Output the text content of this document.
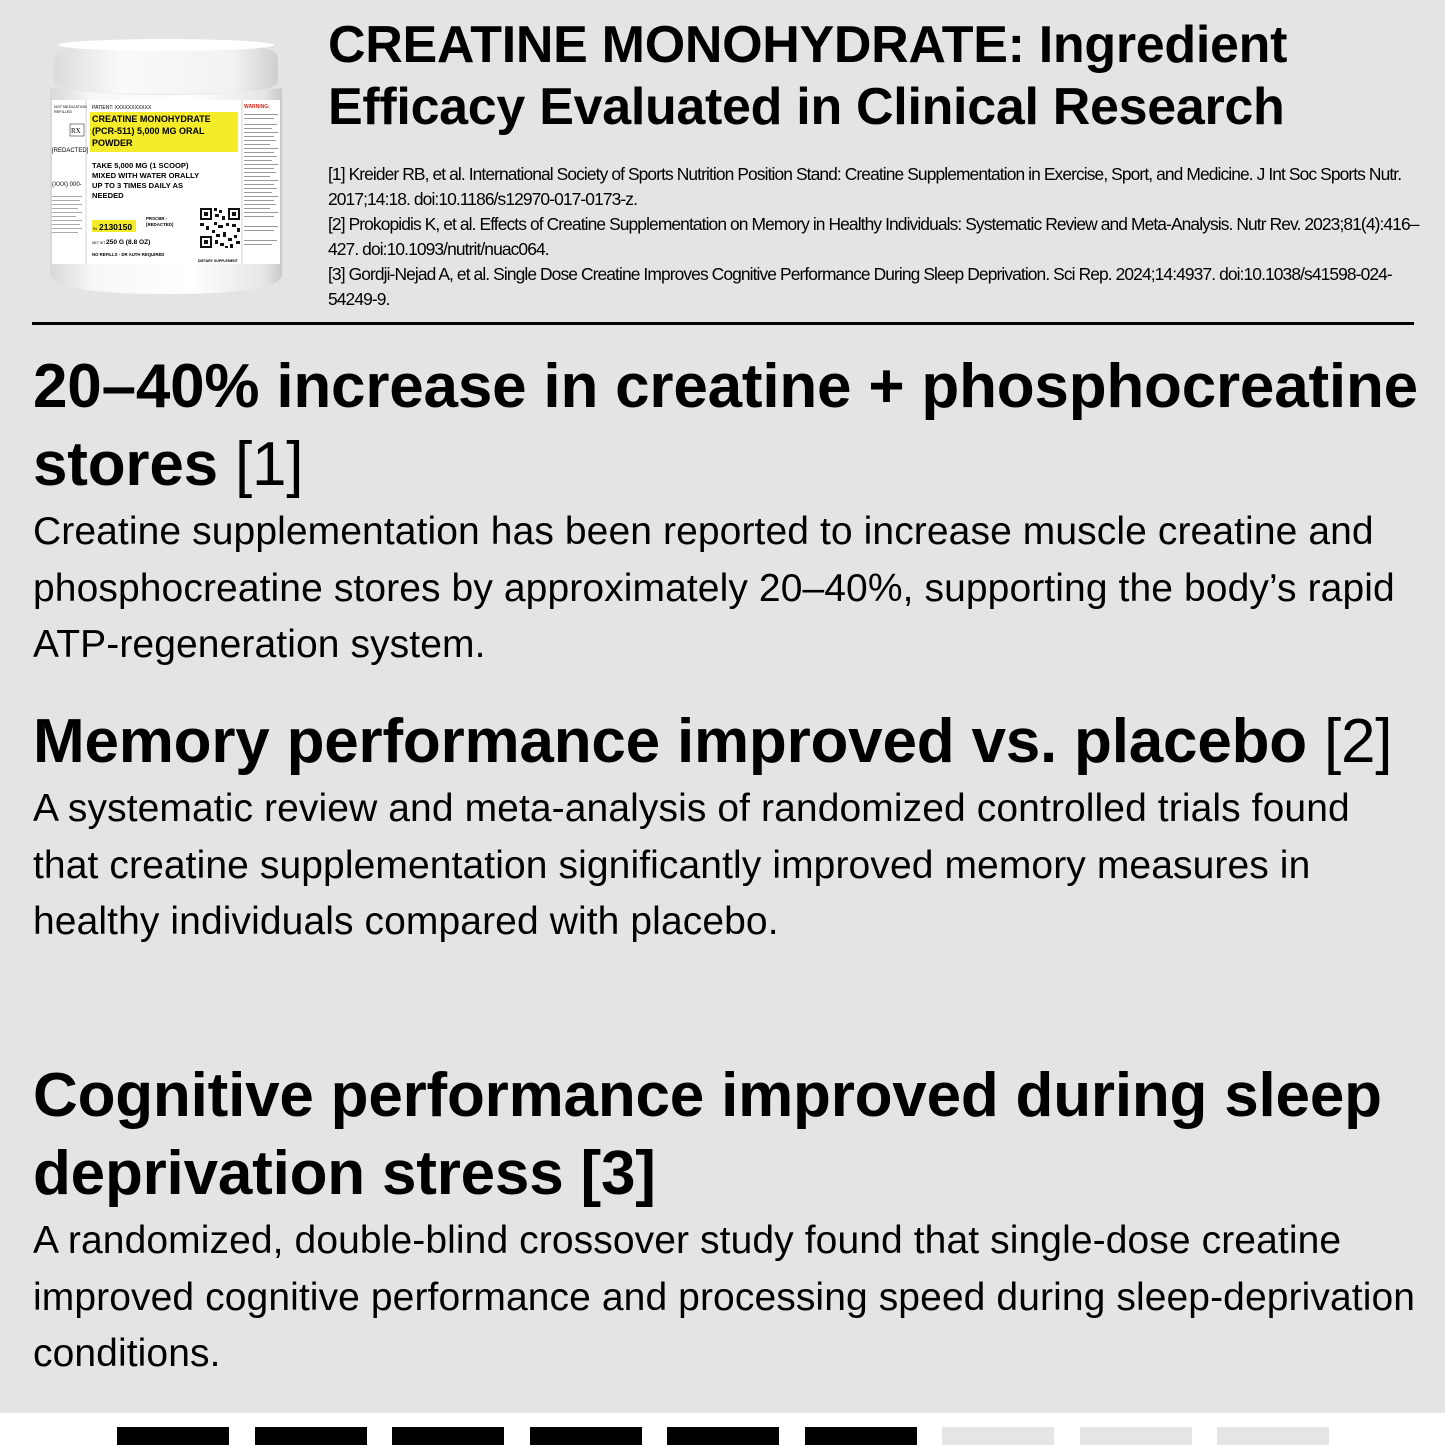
NOT MEDICATION
REFILLED
RX
[REDACTED]
(XXX) 000-
PATIENT: XXXXXXXXXXX
CREATINE MONOHYDRATE (PCR-511) 5,000 MG ORAL POWDER
TAKE 5,000 MG (1 SCOOP) MIXED WITH WATER ORALLY UP TO 3 TIMES DAILY AS NEEDED
Rx 2130150
PRSCBR - [REDACTED]
NET WT 250 G (8.8 OZ)
NO REFILLS - DR AUTH REQUIRED
DIETARY SUPPLEMENT
WARNING:
CREATINE MONOHYDRATE: Ingredient Efficacy Evaluated in Clinical Research
[1] Kreider RB, et al. International Society of Sports Nutrition Position Stand: Creatine Supplementation in Exercise, Sport, and Medicine. J Int Soc Sports Nutr. 2017;14:18. doi:10.1186/s12970-017-0173-z.
[2] Prokopidis K, et al. Effects of Creatine Supplementation on Memory in Healthy Individuals: Systematic Review and Meta-Analysis. Nutr Rev. 2023;81(4):416–427. doi:10.1093/nutrit/nuac064.
[3] Gordji-Nejad A, et al. Single Dose Creatine Improves Cognitive Performance During Sleep Deprivation. Sci Rep. 2024;14:4937. doi:10.1038/s41598-024-54249-9.
20–40% increase in creatine + phosphocreatine stores [1]

Creatine supplementation has been reported to increase muscle creatine and phosphocreatine stores by approximately 20–40%, supporting the body’s rapid ATP-regeneration system.

Memory performance improved vs. placebo [2]

A systematic review and meta-analysis of randomized controlled trials found that creatine supplementation significantly improved memory measures in healthy individuals compared with placebo.

Cognitive performance improved during sleep deprivation stress [3]

A randomized, double-blind crossover study found that single-dose creatine improved cognitive performance and processing speed during sleep-deprivation conditions.
